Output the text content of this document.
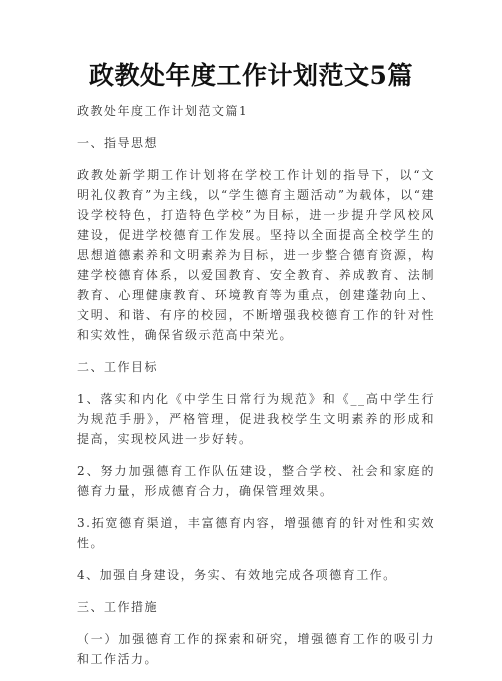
政教处年度工作计划范文5篇

政教处年度工作计划范文篇1

一、指导思想

政教处新学期工作计划将在学校工作计划的指导下，以“文明礼仪教育”为主线，以“学生德育主题活动”为载体，以“建设学校特色，打造特色学校”为目标，进一步提升学风校风建设，促进学校德育工作发展。坚持以全面提高全校学生的思想道德素养和文明素养为目标，进一步整合德育资源，构建学校德育体系，以爱国教育、安全教育、养成教育、法制教育、心理健康教育、环境教育等为重点，创建蓬勃向上、文明、和谐、有序的校园，不断增强我校德育工作的针对性和实效性，确保省级示范高中荣光。

二、工作目标

1、落实和内化《中学生日常行为规范》和《__高中学生行为规范手册》，严格管理，促进我校学生文明素养的形成和提高，实现校风进一步好转。

2、努力加强德育工作队伍建设，整合学校、社会和家庭的德育力量，形成德育合力，确保管理效果。

3.拓宽德育渠道，丰富德育内容，增强德育的针对性和实效性。

4、加强自身建设，务实、有效地完成各项德育工作。

三、工作措施

（一）加强德育工作的探索和研究，增强德育工作的吸引力和工作活力。
